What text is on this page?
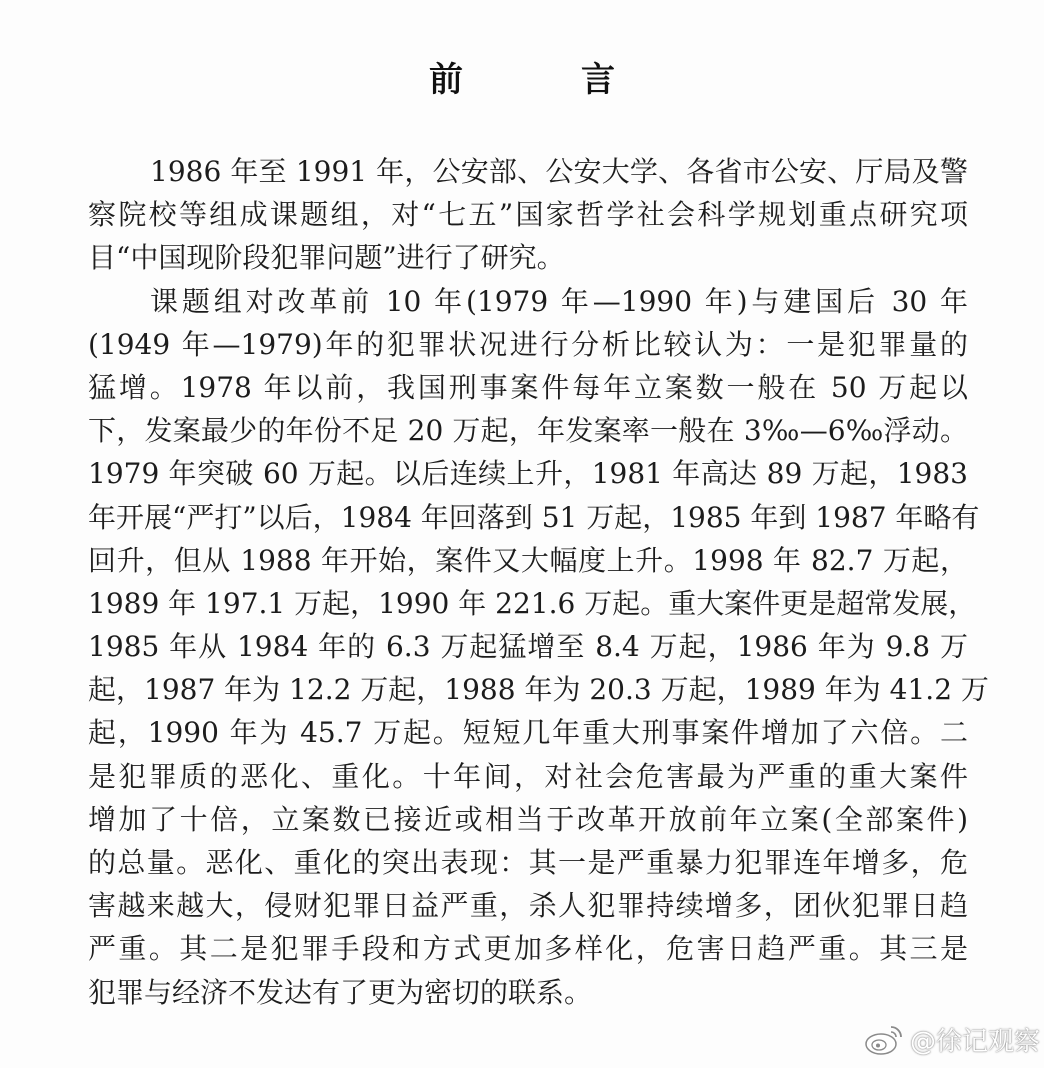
前　言
1986 年至 1991 年，公安部、公安大学、各省市公安、厅局及警
察院校等组成课题组，对“七五”国家哲学社会科学规划重点研究项
目“中国现阶段犯罪问题”进行了研究。
课题组对改革前 10 年(1979 年—1990 年)与建国后 30 年
(1949 年—1979)年的犯罪状况进行分析比较认为：一是犯罪量的
猛增。1978 年以前，我国刑事案件每年立案数一般在 50 万起以
下，发案最少的年份不足 20 万起，年发案率一般在 3‰—6‰浮动。
1979 年突破 60 万起。以后连续上升，1981 年高达 89 万起，1983
年开展“严打”以后，1984 年回落到 51 万起，1985 年到 1987 年略有
回升，但从 1988 年开始，案件又大幅度上升。1998 年 82.7 万起，
1989 年 197.1 万起，1990 年 221.6 万起。重大案件更是超常发展，
1985 年从 1984 年的 6.3 万起猛增至 8.4 万起，1986 年为 9.8 万
起，1987 年为 12.2 万起，1988 年为 20.3 万起，1989 年为 41.2 万
起，1990 年为 45.7 万起。短短几年重大刑事案件增加了六倍。二
是犯罪质的恶化、重化。十年间，对社会危害最为严重的重大案件
增加了十倍，立案数已接近或相当于改革开放前年立案(全部案件)
的总量。恶化、重化的突出表现：其一是严重暴力犯罪连年增多，危
害越来越大，侵财犯罪日益严重，杀人犯罪持续增多，团伙犯罪日趋
严重。其二是犯罪手段和方式更加多样化，危害日趋严重。其三是
犯罪与经济不发达有了更为密切的联系。
@徐记观察
